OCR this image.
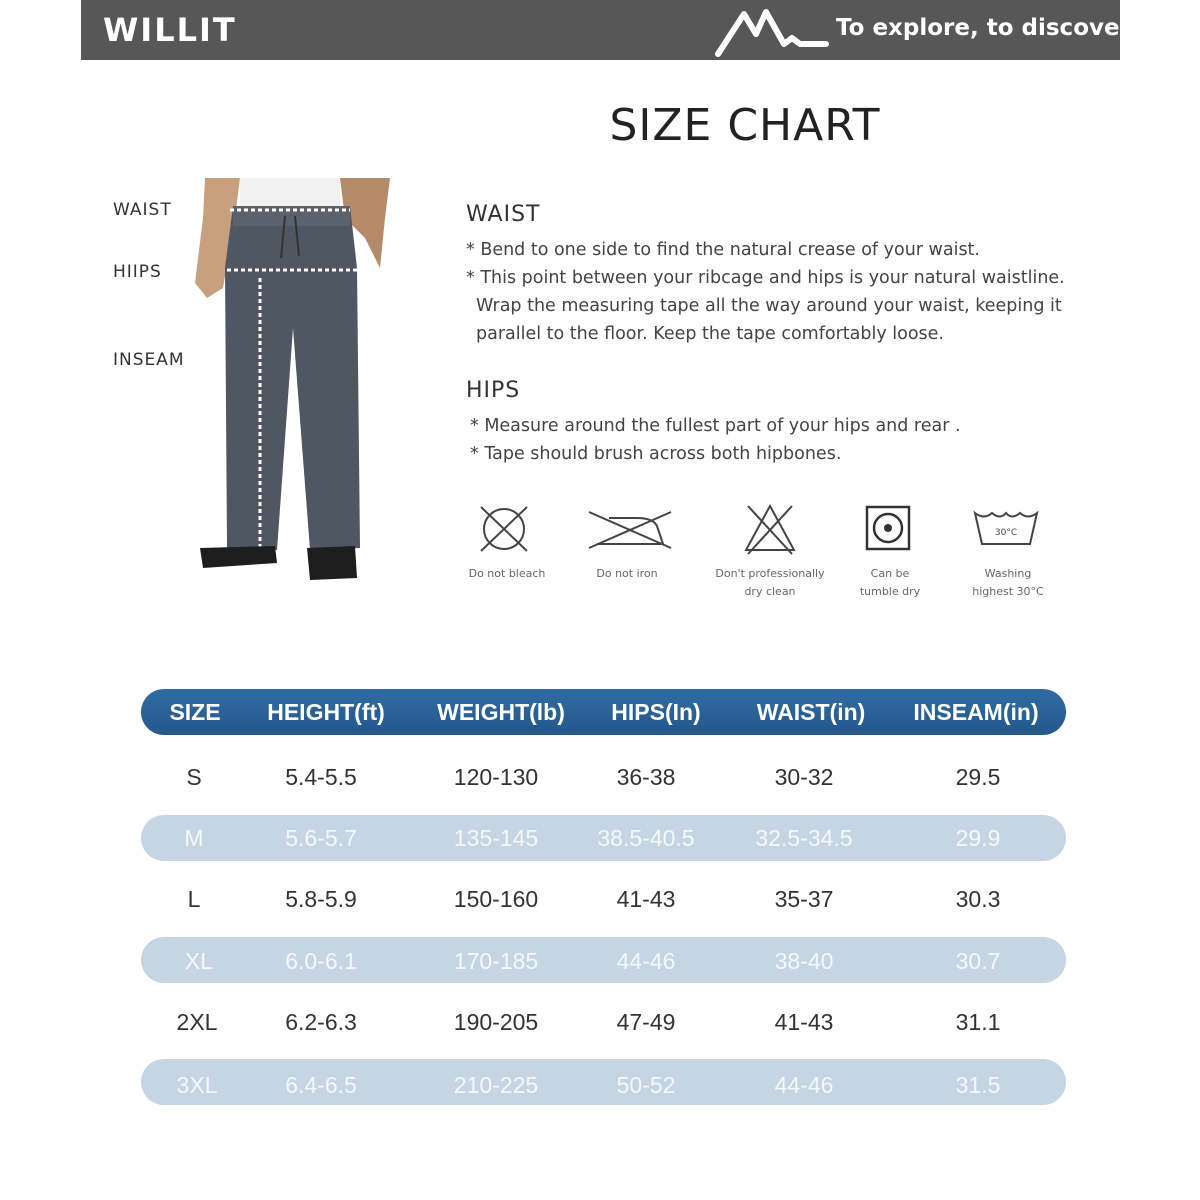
WILLIT	To explore, to discover
SIZE CHART
WAIST
HIIPS
INSEAM
WAIST
* Bend to one side to find the natural crease of your waist.
* This point between your ribcage and hips is your natural waistline.
Wrap the measuring tape all the way around your waist, keeping it
parallel to the floor. Keep the tape comfortably loose.
HIPS
* Measure around the fullest part of your hips and rear .
* Tape should brush across both hipbones.
30°C
Do not bleach	Do not iron	Don't professionally
dry clean
Can be
tumble dry
Washing
highest 30°C
SIZE	HEIGHT(ft)	WEIGHT(lb)	HIPS(In)	WAIST(in)	INSEAM(in)
S	5.4-5.5	120-130	36-38	30-32	29.5
M	5.6-5.7	135-145	38.5-40.5	32.5-34.5	29.9
L	5.8-5.9	150-160	41-43	35-37	30.3
XL	6.0-6.1	170-185	44-46	38-40	30.7
2XL	6.2-6.3	190-205	47-49	41-43	31.1
3XL	6.4-6.5	210-225	50-52	44-46	31.5
